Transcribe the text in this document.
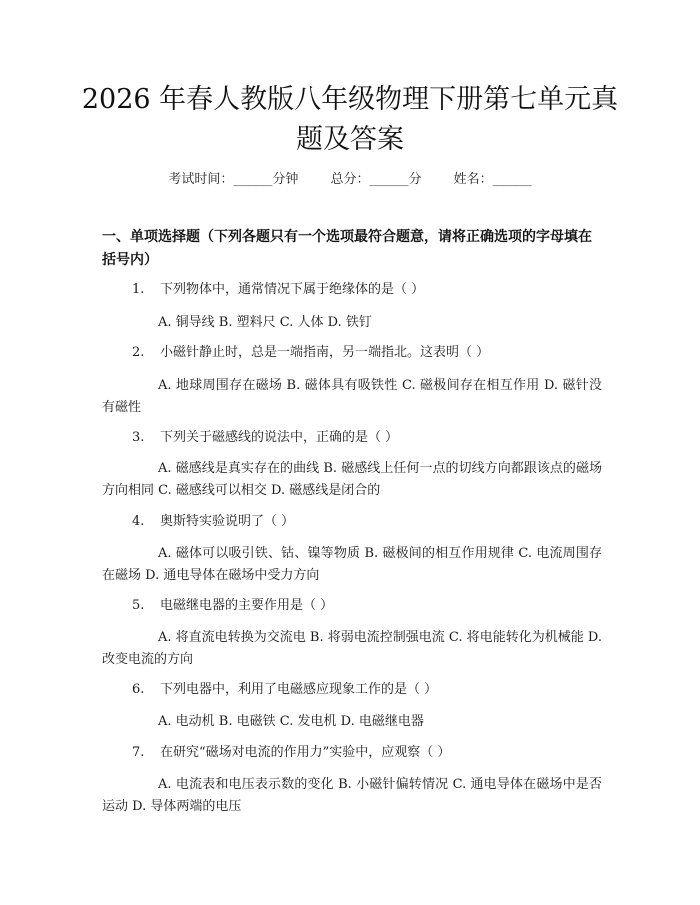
2026 年春人教版八年级物理下册第七单元真
题及答案
考试时间：______分钟 总分：______分 姓名：______
一、单项选择题（下列各题只有一个选项最符合题意，请将正确选项的字母填在括号内）
1. 下列物体中，通常情况下属于绝缘体的是（ ）
A. 铜导线 B. 塑料尺 C. 人体 D. 铁钉
2. 小磁针静止时，总是一端指南，另一端指北。这表明（ ）
A. 地球周围存在磁场 B. 磁体具有吸铁性 C. 磁极间存在相互作用 D. 磁针没有磁性
3. 下列关于磁感线的说法中，正确的是（ ）
A. 磁感线是真实存在的曲线 B. 磁感线上任何一点的切线方向都跟该点的磁场方向相同 C. 磁感线可以相交 D. 磁感线是闭合的
4. 奥斯特实验说明了（ ）
A. 磁体可以吸引铁、钴、镍等物质 B. 磁极间的相互作用规律 C. 电流周围存在磁场 D. 通电导体在磁场中受力方向
5. 电磁继电器的主要作用是（ ）
A. 将直流电转换为交流电 B. 将弱电流控制强电流 C. 将电能转化为机械能 D. 改变电流的方向
6. 下列电器中，利用了电磁感应现象工作的是（ ）
A. 电动机 B. 电磁铁 C. 发电机 D. 电磁继电器
7. 在研究“磁场对电流的作用力”实验中，应观察（ ）
A. 电流表和电压表示数的变化 B. 小磁针偏转情况 C. 通电导体在磁场中是否运动 D. 导体两端的电压
